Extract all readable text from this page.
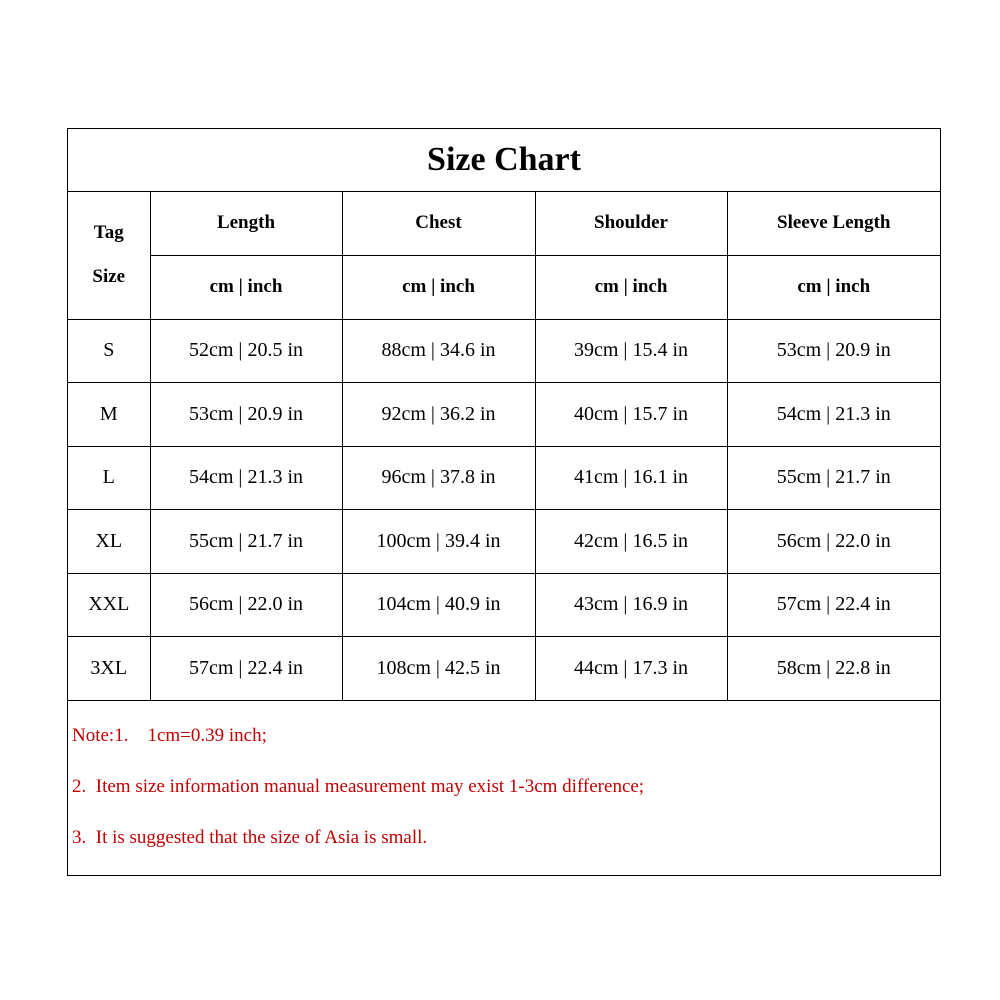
Size Chart
Tag
Size	Length	Chest	Shoulder	Sleeve Length
	cm | inch	cm | inch	cm | inch	cm | inch
S	52cm | 20.5 in	88cm | 34.6 in	39cm | 15.4 in	53cm | 20.9 in
M	53cm | 20.9 in	92cm | 36.2 in	40cm | 15.7 in	54cm | 21.3 in
L	54cm | 21.3 in	96cm | 37.8 in	41cm | 16.1 in	55cm | 21.7 in
XL	55cm | 21.7 in	100cm | 39.4 in	42cm | 16.5 in	56cm | 22.0 in
XXL	56cm | 22.0 in	104cm | 40.9 in	43cm | 16.9 in	57cm | 22.4 in
3XL	57cm | 22.4 in	108cm | 42.5 in	44cm | 17.3 in	58cm | 22.8 in
Note:1.    1cm=0.39 inch;
2.  Item size information manual measurement may exist 1-3cm difference;
3.  It is suggested that the size of Asia is small.
